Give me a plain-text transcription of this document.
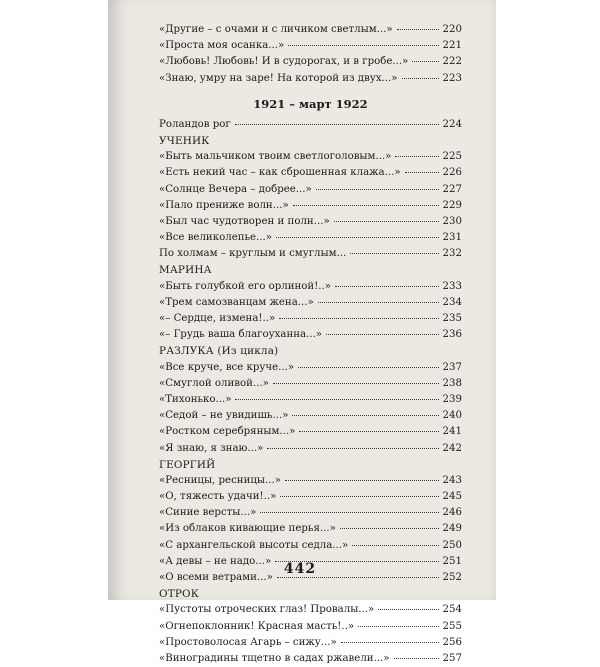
«Другие – с очами и с личиком светлым...»	220
«Проста моя осанка...»	221
«Любовь! Любовь! И в судорогах, и в гробе...»	222
«Знаю, умру на заре! На которой из двух...»	223
1921 – март 1922
Роландов рог	224
УЧЕНИК
«Быть мальчиком твоим светлоголовым...»	225
«Есть некий час – как сброшенная клажа...»	226
«Солнце Вечера – добрее...»	227
«Пало прениже волн...»	229
«Был час чудотворен и полн...»	230
«Все великолепье...»	231
По холмам – круглым и смуглым...	232
МАРИНА
«Быть голубкой его орлиной!..»	233
«Трем самозванцам жена...»	234
«– Сердце, измена!..»	235
«– Грудь ваша благоуханна...»	236
РАЗЛУКА (Из цикла)
«Все круче, все круче...»	237
«Смуглой оливой...»	238
«Тихонько...»	239
«Седой – не увидишь...»	240
«Ростком серебряным...»	241
«Я знаю, я знаю...»	242
ГЕОРГИЙ
«Ресницы, ресницы...»	243
«О, тяжесть удачи!..»	245
«Синие версты...»	246
«Из облаков кивающие перья...»	249
«С архангельской высоты седла...»	250
«А девы – не надо...»	251
«О всеми ветрами...»	252
ОТРОК
«Пустоты отроческих глаз! Провалы...»	254
«Огнепоклонник! Красная масть!..»	255
«Простоволосая Агарь – сижу...»	256
«Виноградины тщетно в садах ржавели...»	257
442
